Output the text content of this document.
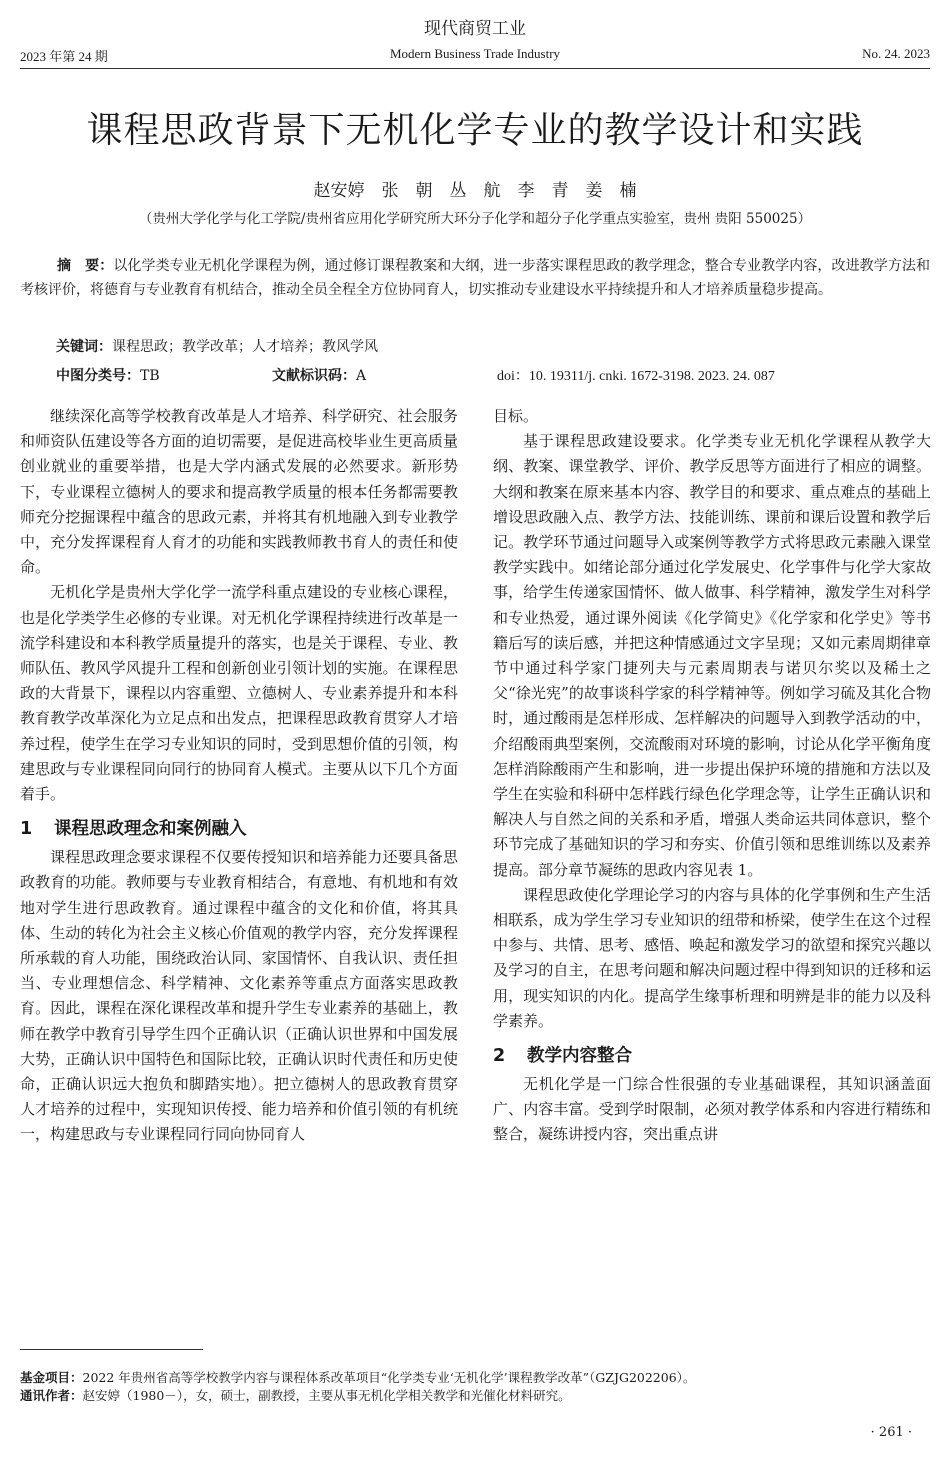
现代商贸工业
2023 年第 24 期	Modern Business Trade Industry	No. 24. 2023
课程思政背景下无机化学专业的教学设计和实践
赵安婷　张　朝　丛　航　李　青　姜　楠
（贵州大学化学与化工学院/贵州省应用化学研究所大环分子化学和超分子化学重点实验室，贵州 贵阳 550025）

摘　要：以化学类专业无机化学课程为例，通过修订课程教案和大纲，进一步落实课程思政的教学理念，整合专业教学内容，改进教学方法和考核评价，将德育与专业教育有机结合，推动全员全程全方位协同育人，切实推动专业建设水平持续提升和人才培养质量稳步提高。

关键词：课程思政；教学改革；人才培养；教风学风
中图分类号：TB	文献标识码：A	doi：10. 19311/j. cnki. 1672-3198. 2023. 24. 087

继续深化高等学校教育改革是人才培养、科学研究、社会服务和师资队伍建设等各方面的迫切需要，是促进高校毕业生更高质量创业就业的重要举措，也是大学内涵式发展的必然要求。新形势下，专业课程立德树人的要求和提高教学质量的根本任务都需要教师充分挖掘课程中蕴含的思政元素，并将其有机地融入到专业教学中，充分发挥课程育人育才的功能和实践教师教书育人的责任和使命。

无机化学是贵州大学化学一流学科重点建设的专业核心课程，也是化学类学生必修的专业课。对无机化学课程持续进行改革是一流学科建设和本科教学质量提升的落实，也是关于课程、专业、教师队伍、教风学风提升工程和创新创业引领计划的实施。在课程思政的大背景下，课程以内容重塑、立德树人、专业素养提升和本科教育教学改革深化为立足点和出发点，把课程思政教育贯穿人才培养过程，使学生在学习专业知识的同时，受到思想价值的引领，构建思政与专业课程同向同行的协同育人模式。主要从以下几个方面着手。

1 课程思政理念和案例融入

课程思政理念要求课程不仅要传授知识和培养能力还要具备思政教育的功能。教师要与专业教育相结合，有意地、有机地和有效地对学生进行思政教育。通过课程中蕴含的文化和价值，将其具体、生动的转化为社会主义核心价值观的教学内容，充分发挥课程所承载的育人功能，围绕政治认同、家国情怀、自我认识、责任担当、专业理想信念、科学精神、文化素养等重点方面落实思政教育。因此，课程在深化课程改革和提升学生专业素养的基础上，教师在教学中教育引导学生四个正确认识（正确认识世界和中国发展大势，正确认识中国特色和国际比较，正确认识时代责任和历史使命，正确认识远大抱负和脚踏实地）。把立德树人的思政教育贯穿人才培养的过程中，实现知识传授、能力培养和价值引领的有机统一，构建思政与专业课程同行同向协同育人

目标。

基于课程思政建设要求。化学类专业无机化学课程从教学大纲、教案、课堂教学、评价、教学反思等方面进行了相应的调整。大纲和教案在原来基本内容、教学目的和要求、重点难点的基础上增设思政融入点、教学方法、技能训练、课前和课后设置和教学后记。教学环节通过问题导入或案例等教学方式将思政元素融入课堂教学实践中。如绪论部分通过化学发展史、化学事件与化学大家故事，给学生传递家国情怀、做人做事、科学精神，激发学生对科学和专业热爱，通过课外阅读《化学简史》《化学家和化学史》等书籍后写的读后感，并把这种情感通过文字呈现；又如元素周期律章节中通过科学家门捷列夫与元素周期表与诺贝尔奖以及稀土之父“徐光宪”的故事谈科学家的科学精神等。例如学习硫及其化合物时，通过酸雨是怎样形成、怎样解决的问题导入到教学活动的中，介绍酸雨典型案例，交流酸雨对环境的影响，讨论从化学平衡角度怎样消除酸雨产生和影响，进一步提出保护环境的措施和方法以及学生在实验和科研中怎样践行绿色化学理念等，让学生正确认识和解决人与自然之间的关系和矛盾，增强人类命运共同体意识，整个环节完成了基础知识的学习和夯实、价值引领和思维训练以及素养提高。部分章节凝练的思政内容见表 1。

课程思政使化学理论学习的内容与具体的化学事例和生产生活相联系，成为学生学习专业知识的纽带和桥梁，使学生在这个过程中参与、共情、思考、感悟、唤起和激发学习的欲望和探究兴趣以及学习的自主，在思考问题和解决问题过程中得到知识的迁移和运用，现实知识的内化。提高学生缘事析理和明辨是非的能力以及科学素养。

2 教学内容整合

无机化学是一门综合性很强的专业基础课程，其知识涵盖面广、内容丰富。受到学时限制，必须对教学体系和内容进行精练和整合，凝练讲授内容，突出重点讲

基金项目：2022 年贵州省高等学校教学内容与课程体系改革项目“化学类专业‘无机化学’课程教学改革”（GZJG202206）。
通讯作者：赵安婷（1980－），女，硕士，副教授，主要从事无机化学相关教学和光催化材料研究。
· 261 ·
